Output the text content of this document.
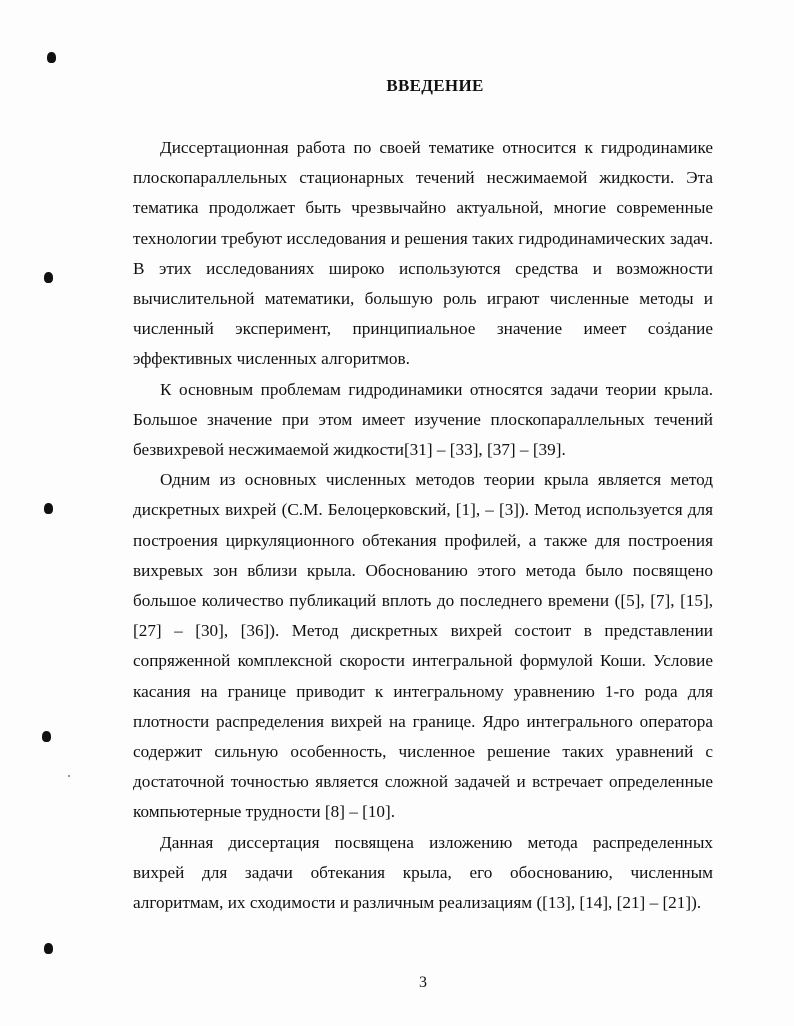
ВВЕДЕНИЕ

Диссертационная работа по своей тематике относится к гидродинамике плоскопараллельных стационарных течений несжимаемой жидкости. Эта тематика продолжает быть чрезвычайно актуальной, многие современные технологии требуют исследования и решения таких гидродинамических задач. В этих исследованиях широко используются средства и возможности вычислительной математики, большую роль играют численные методы и численный эксперимент, принципиальное значение имеет создание эффективных численных алгоритмов.

К основным проблемам гидродинамики относятся задачи теории крыла. Большое значение при этом имеет изучение плоскопараллельных течений безвихревой несжимаемой жидкости[31] – [33], [37] – [39].

Одним из основных численных методов теории крыла является метод дискретных вихрей (С.М. Белоцерковский, [1], – [3]). Метод используется для построения циркуляционного обтекания профилей, а также для построения вихревых зон вблизи крыла. Обоснованию этого метода было посвящено большое количество публикаций вплоть до последнего времени ([5], [7], [15], [27] – [30], [36]). Метод дискретных вихрей состоит в представлении сопряженной комплексной скорости интегральной формулой Коши. Условие касания на границе приводит к интегральному уравнению 1-го рода для плотности распределения вихрей на границе. Ядро интегрального оператора содержит сильную особенность, численное решение таких уравнений с достаточной точностью является сложной задачей и встречает определенные компьютерные трудности [8] – [10].

Данная диссертация посвящена изложению метода распределенных вихрей для задачи обтекания крыла, его обоснованию, численным алгоритмам, их сходимости и различным реализациям ([13], [14], [21] – [21]).

3
